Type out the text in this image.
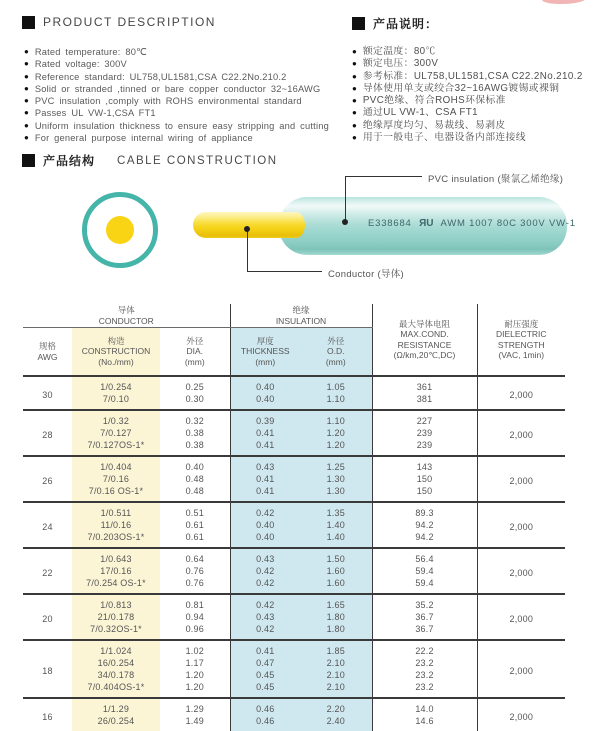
PRODUCT DESCRIPTION
● Rated temperature: 80℃
● Rated voltage: 300V
● Reference standard: UL758,UL1581,CSA C22.2No.210.2
● Solid or stranded ,tinned or bare copper conductor 32~16AWG
● PVC insulation ,comply with ROHS environmental standard
● Passes UL VW-1,CSA FT1
● Uniform insulation thickness to ensure easy stripping and cutting
● For general purpose internal wiring of appliance
产品说明：
● 额定温度：80℃
● 额定电压：300V
● 参考标准：UL758,UL1581,CSA C22.2No.210.2
● 导体使用单支或绞合32~16AWG镀锡或裸铜
● PVC绝缘、符合ROHS环保标准
● 通过UL VW-1、CSA FT1
● 绝缘厚度均匀、易裁线、易剥皮
● 用于一般电子、电器设备内部连接线
产品结构 CABLE CONSTRUCTION
E338684 ЯU AWM 1007 80C 300V VW-1
PVC insulation (聚氯乙烯绝缘)
Conductor (导体)
导体
CONDUCTOR

绝缘
INSULATION	最大导体电阻
MAX.COND.
RESISTANCE
(Ω/km,20℃,DC)

耐压强度
DIELECTRIC
STRENGTH
(VAC, 1min)

规格
AWG

构造
CONSTRUCTION
(No./mm)

外径
DIA.
(mm)

厚度
THICKNESS
(mm)

外径
O.D.
(mm)

30	1/0.254	0.25	0.40	1.05	361	2,000
	7/0.10	0.30	0.40	1.10	381	
28	1/0.32	0.32	0.39	1.10	227	2,000
	7/0.127	0.38	0.41	1.20	239	
	7/0.127OS-1*	0.38	0.41	1.20	239	
26	1/0.404	0.40	0.43	1.25	143	2,000
	7/0.16	0.48	0.41	1.30	150	
	7/0.16 OS-1*	0.48	0.41	1.30	150	
24	1/0.511	0.51	0.42	1.35	89.3	2,000
	11/0.16	0.61	0.40	1.40	94.2	
	7/0.203OS-1*	0.61	0.40	1.40	94.2	
22	1/0.643	0.64	0.43	1.50	56.4	2,000
	17/0.16	0.76	0.42	1.60	59.4	
	7/0.254 OS-1*	0.76	0.42	1.60	59.4	
20	1/0.813	0.81	0.42	1.65	35.2	2,000
	21/0.178	0.94	0.43	1.80	36.7	
	7/0.32OS-1*	0.96	0.42	1.80	36.7	
18	1/1.024	1.02	0.41	1.85	22.2	2,000
	16/0.254	1.17	0.47	2.10	23.2	
	34/0.178	1.20	0.45	2.10	23.2	
	7/0.404OS-1*	1.20	0.45	2.10	23.2	
16	1/1.29	1.29	0.46	2.20	14.0	2,000
	26/0.254	1.49	0.46	2.40	14.6	
